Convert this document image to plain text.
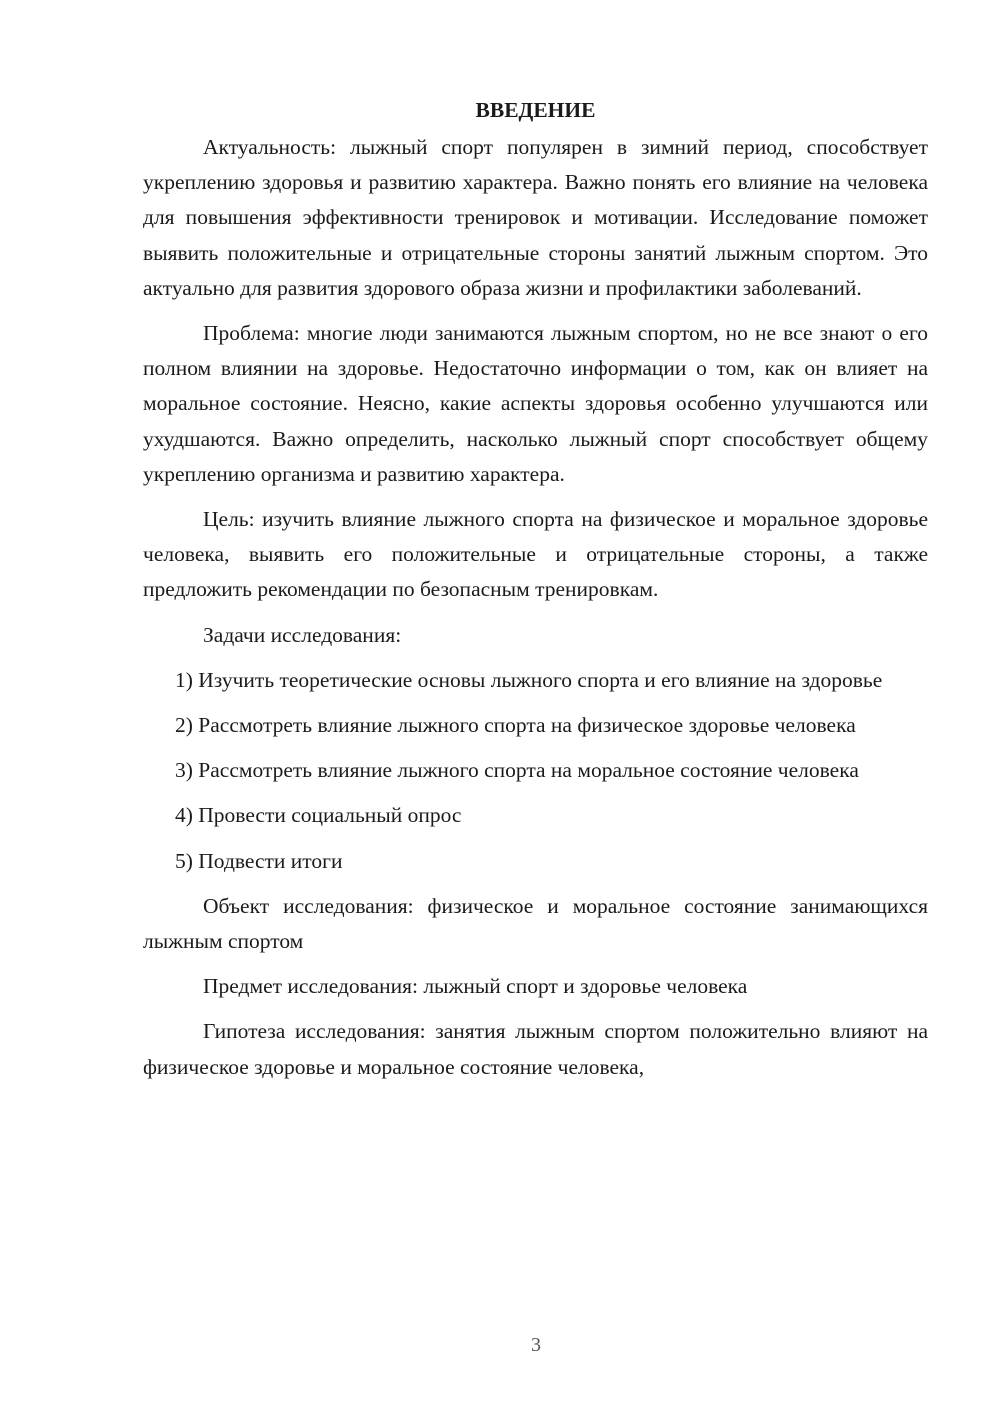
ВВЕДЕНИЕ

Актуальность: лыжный спорт популярен в зимний период, способствует укреплению здоровья и развитию характера. Важно понять его влияние на человека для повышения эффективности тренировок и мотивации. Исследование поможет выявить положительные и отрицательные стороны занятий лыжным спортом. Это актуально для развития здорового образа жизни и профилактики заболеваний.

Проблема: многие люди занимаются лыжным спортом, но не все знают о его полном влиянии на здоровье. Недостаточно информации о том, как он влияет на моральное состояние. Неясно, какие аспекты здоровья особенно улучшаются или ухудшаются. Важно определить, насколько лыжный спорт способствует общему укреплению организма и развитию характера.

Цель: изучить влияние лыжного спорта на физическое и моральное здоровье человека, выявить его положительные и отрицательные стороны, а также предложить рекомендации по безопасным тренировкам.

Задачи исследования:

1) Изучить теоретические основы лыжного спорта и его влияние на здоровье

2) Рассмотреть влияние лыжного спорта на физическое здоровье человека

3) Рассмотреть влияние лыжного спорта на моральное состояние человека

4) Провести социальный опрос

5) Подвести итоги

Объект исследования: физическое и моральное состояние занимающихся лыжным спортом

Предмет исследования: лыжный спорт и здоровье человека

Гипотеза исследования: занятия лыжным спортом положительно влияют на физическое здоровье и моральное состояние человека,

3
